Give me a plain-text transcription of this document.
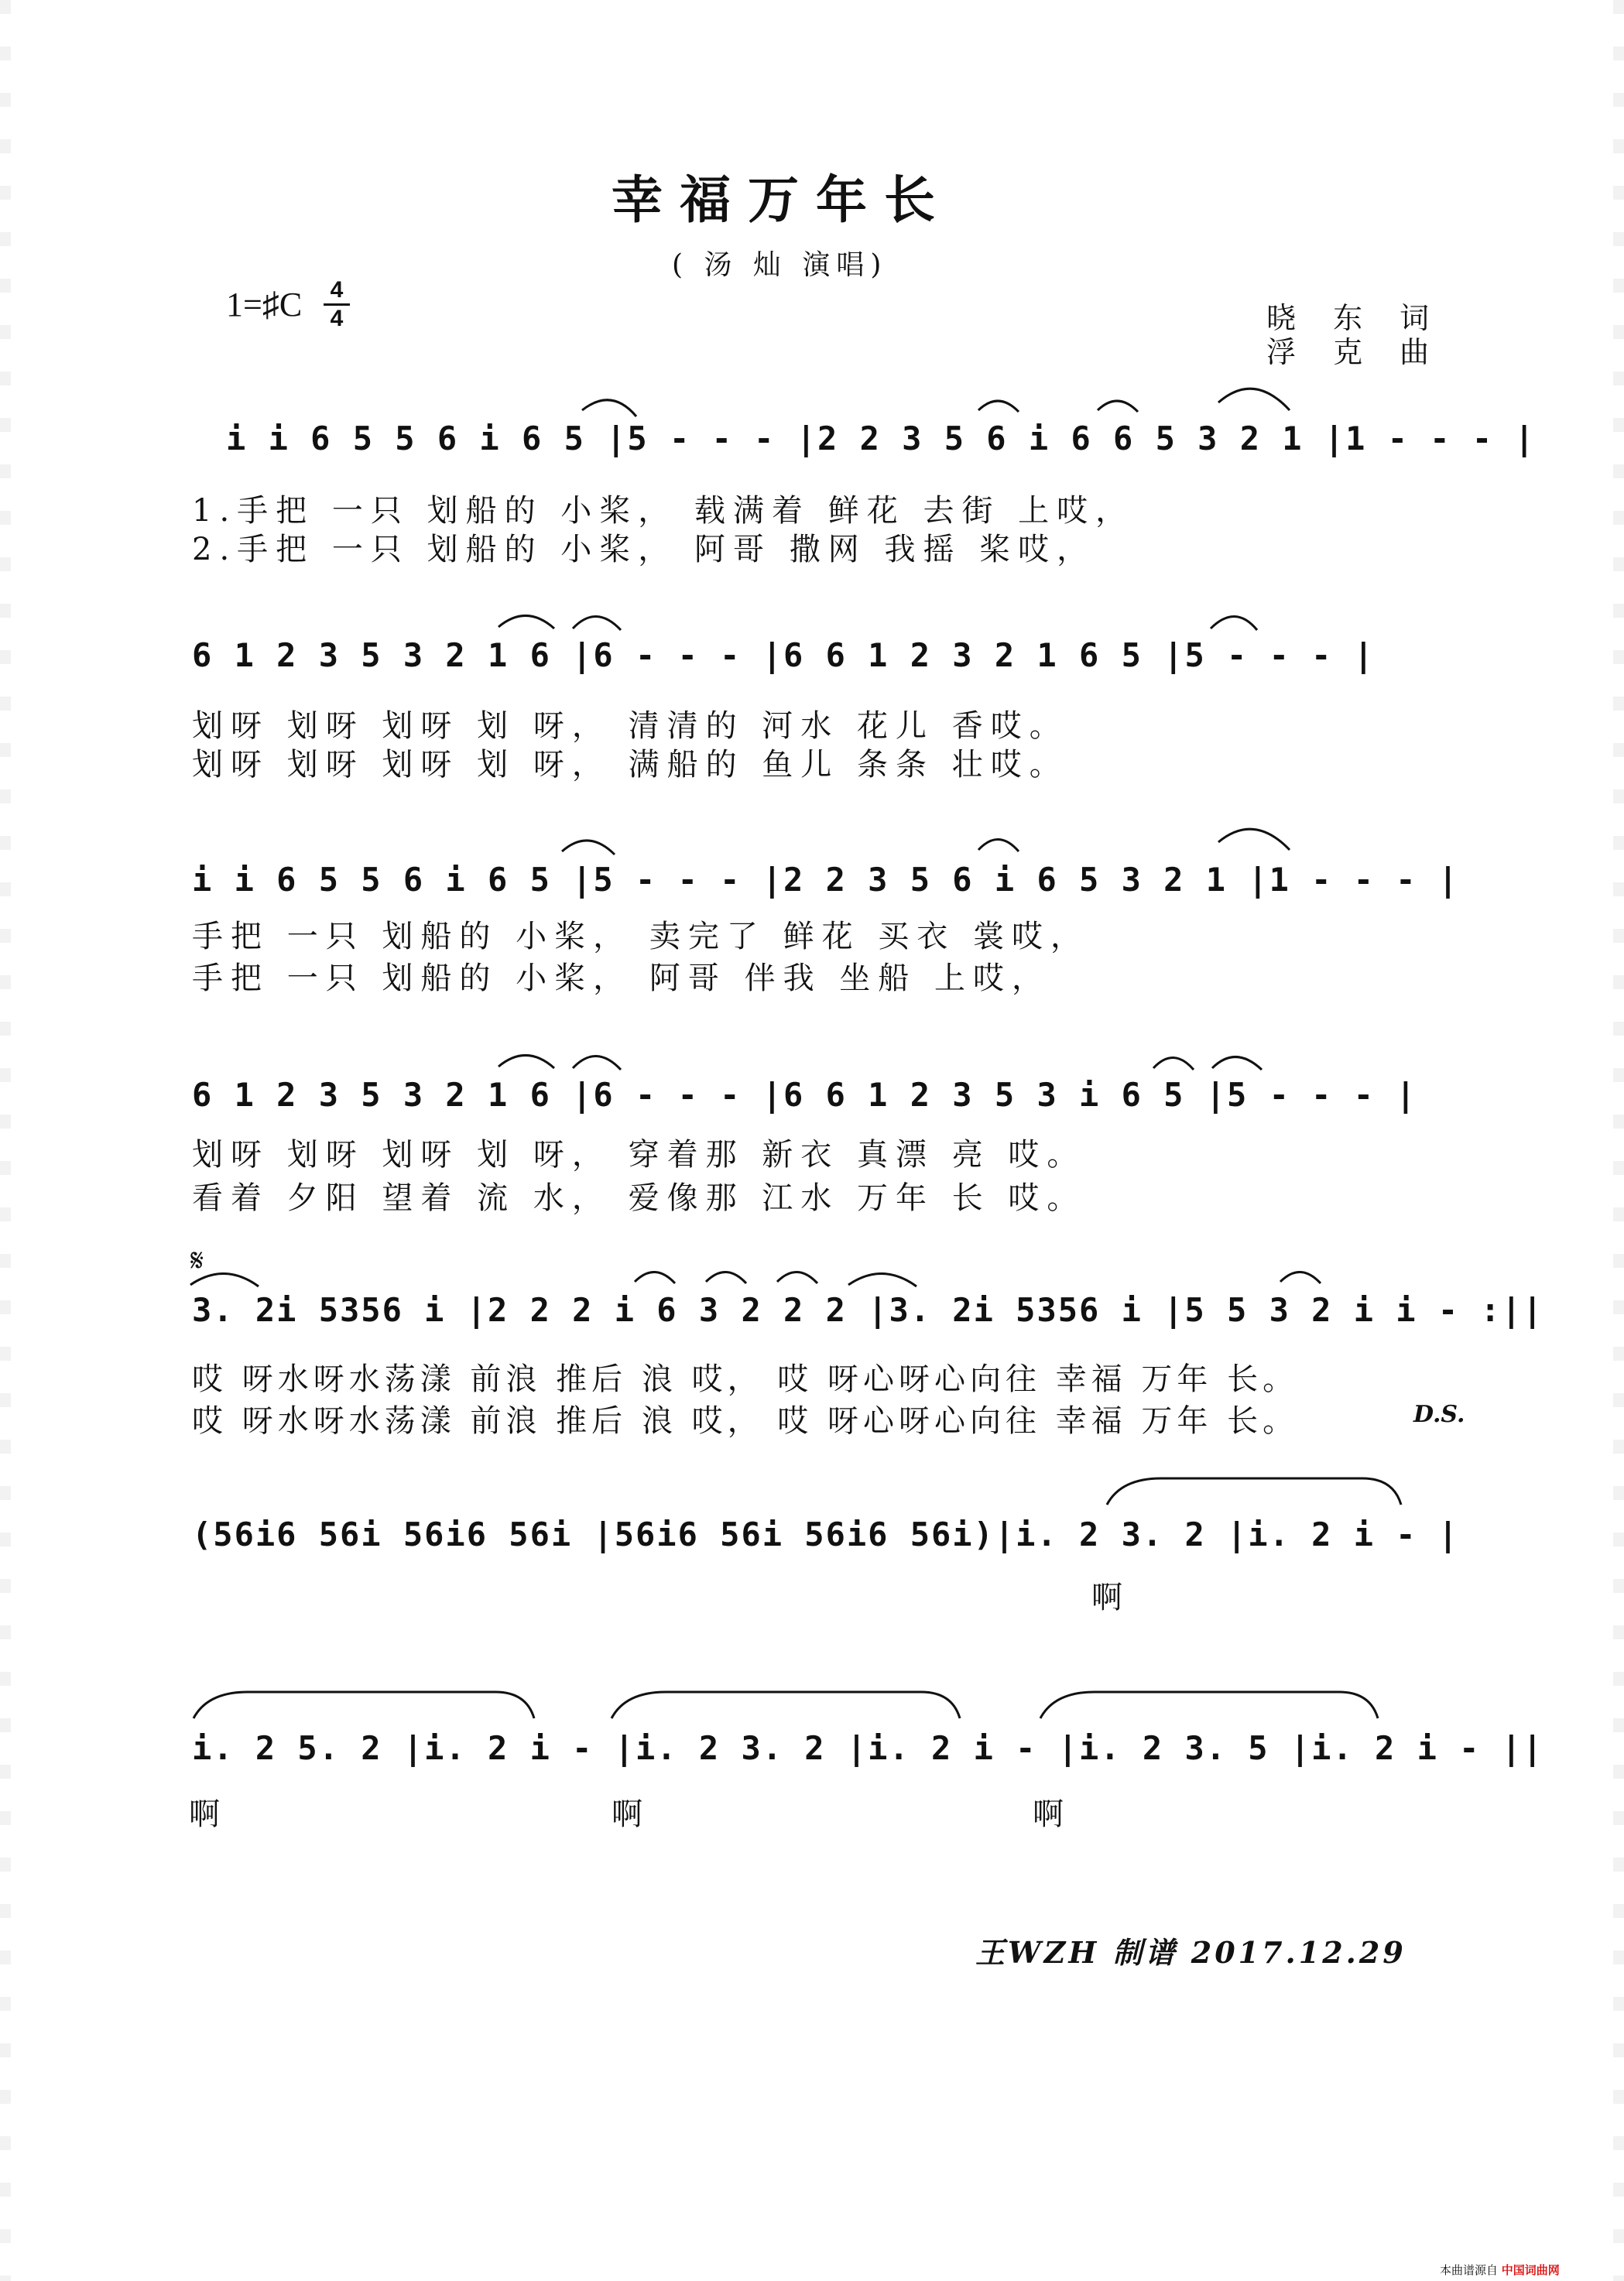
幸福万年长
( 汤 灿 演唱)
1=♯C 4
4	晓 东 词
浮 克 曲
i i 6 5 5 6 i 6 5 |5 - - - |2 2 3 5 6 i 6 6 5 3 2 1 |1 - - - |
1.手把 一只 划船的 小桨， 载满着 鲜花 去街 上哎，
2.手把 一只 划船的 小桨， 阿哥 撒网 我摇 桨哎，
6 1 2 3 5 3 2 1 6 |6 - - - |6 6 1 2 3 2 1 6 5 |5 - - - |
划呀 划呀 划呀 划 呀， 清清的 河水 花儿 香哎。
划呀 划呀 划呀 划 呀， 满船的 鱼儿 条条 壮哎。
i i 6 5 5 6 i 6 5 |5 - - - |2 2 3 5 6 i 6 5 3 2 1 |1 - - - |
手把 一只 划船的 小桨， 卖完了 鲜花 买衣 裳哎，
手把 一只 划船的 小桨， 阿哥 伴我 坐船 上哎，
6 1 2 3 5 3 2 1 6 |6 - - - |6 6 1 2 3 5 3 i 6 5 |5 - - - |
划呀 划呀 划呀 划 呀， 穿着那 新衣 真漂 亮 哎。
看着 夕阳 望着 流 水， 爱像那 江水 万年 长 哎。
𝄋
3. 2i 5356 i |2 2 2 i 6 3 2 2 2 |3. 2i 5356 i |5 5 3 2 i i - :||
哎 呀水呀水荡漾 前浪 推后 浪 哎， 哎 呀心呀心向往 幸福 万年 长。
哎 呀水呀水荡漾 前浪 推后 浪 哎， 哎 呀心呀心向往 幸福 万年 长。	D.S.
(56i6 56i 56i6 56i |56i6 56i 56i6 56i)|i. 2 3. 2 |i. 2 i - |
啊
i. 2 5. 2 |i. 2 i - |i. 2 3. 2 |i. 2 i - |i. 2 3. 5 |i. 2 i - ||
啊	啊	啊
王WZH 制谱 2017.12.29
本曲谱源自 中国词曲网
